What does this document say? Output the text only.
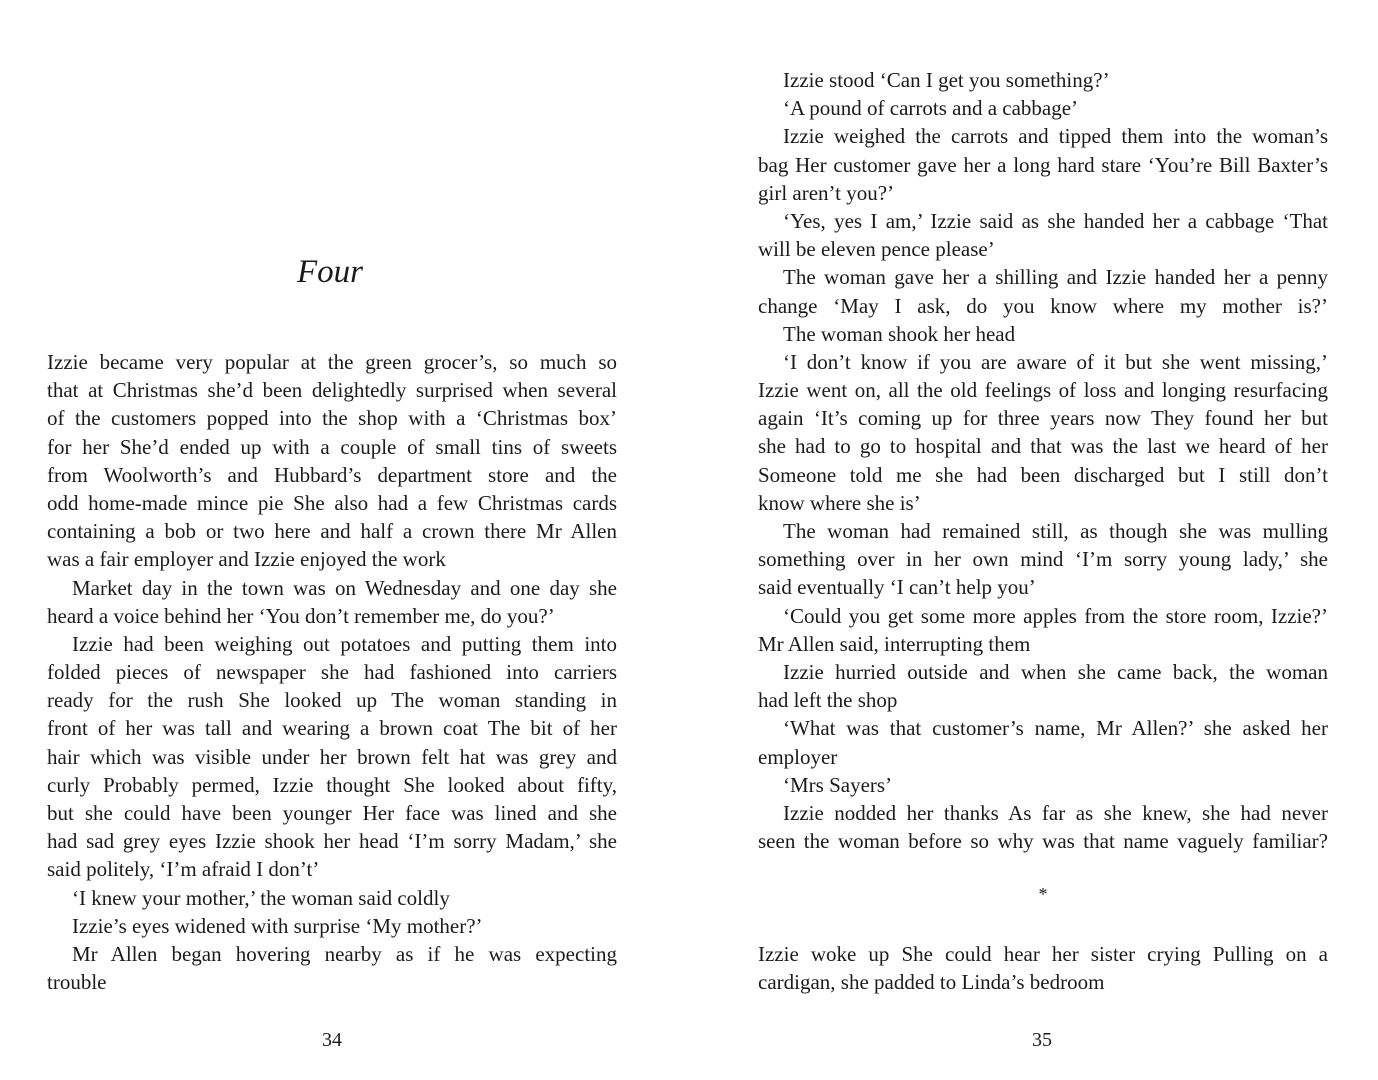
Four
Izzie became very popular at the green grocer’s, so much so
that at Christmas she’d been delightedly surprised when several
of the customers popped into the shop with a ‘Christmas box’
for her She’d ended up with a couple of small tins of sweets
from Woolworth’s and Hubbard’s department store and the
odd home-made mince pie She also had a few Christmas cards
containing a bob or two here and half a crown there Mr Allen
was a fair employer and Izzie enjoyed the work
Market day in the town was on Wednesday and one day she
heard a voice behind her ‘You don’t remember me, do you?’
Izzie had been weighing out potatoes and putting them into
folded pieces of newspaper she had fashioned into carriers
ready for the rush She looked up The woman standing in
front of her was tall and wearing a brown coat The bit of her
hair which was visible under her brown felt hat was grey and
curly Probably permed, Izzie thought She looked about fifty,
but she could have been younger Her face was lined and she
had sad grey eyes Izzie shook her head ‘I’m sorry Madam,’ she
said politely, ‘I’m afraid I don’t’
‘I knew your mother,’ the woman said coldly
Izzie’s eyes widened with surprise ‘My mother?’
Mr Allen began hovering nearby as if he was expecting
trouble
34
Izzie stood ‘Can I get you something?’
‘A pound of carrots and a cabbage’
Izzie weighed the carrots and tipped them into the woman’s
bag Her customer gave her a long hard stare ‘You’re Bill Baxter’s
girl aren’t you?’
‘Yes, yes I am,’ Izzie said as she handed her a cabbage ‘That
will be eleven pence please’
The woman gave her a shilling and Izzie handed her a penny
change ‘May I ask, do you know where my mother is?’
The woman shook her head
‘I don’t know if you are aware of it but she went missing,’
Izzie went on, all the old feelings of loss and longing resurfacing
again ‘It’s coming up for three years now They found her but
she had to go to hospital and that was the last we heard of her
Someone told me she had been discharged but I still don’t
know where she is’
The woman had remained still, as though she was mulling
something over in her own mind ‘I’m sorry young lady,’ she
said eventually ‘I can’t help you’
‘Could you get some more apples from the store room, Izzie?’
Mr Allen said, interrupting them
Izzie hurried outside and when she came back, the woman
had left the shop
‘What was that customer’s name, Mr Allen?’ she asked her
employer
‘Mrs Sayers’
Izzie nodded her thanks As far as she knew, she had never
seen the woman before so why was that name vaguely familiar?
*
Izzie woke up She could hear her sister crying Pulling on a
cardigan, she padded to Linda’s bedroom
35
